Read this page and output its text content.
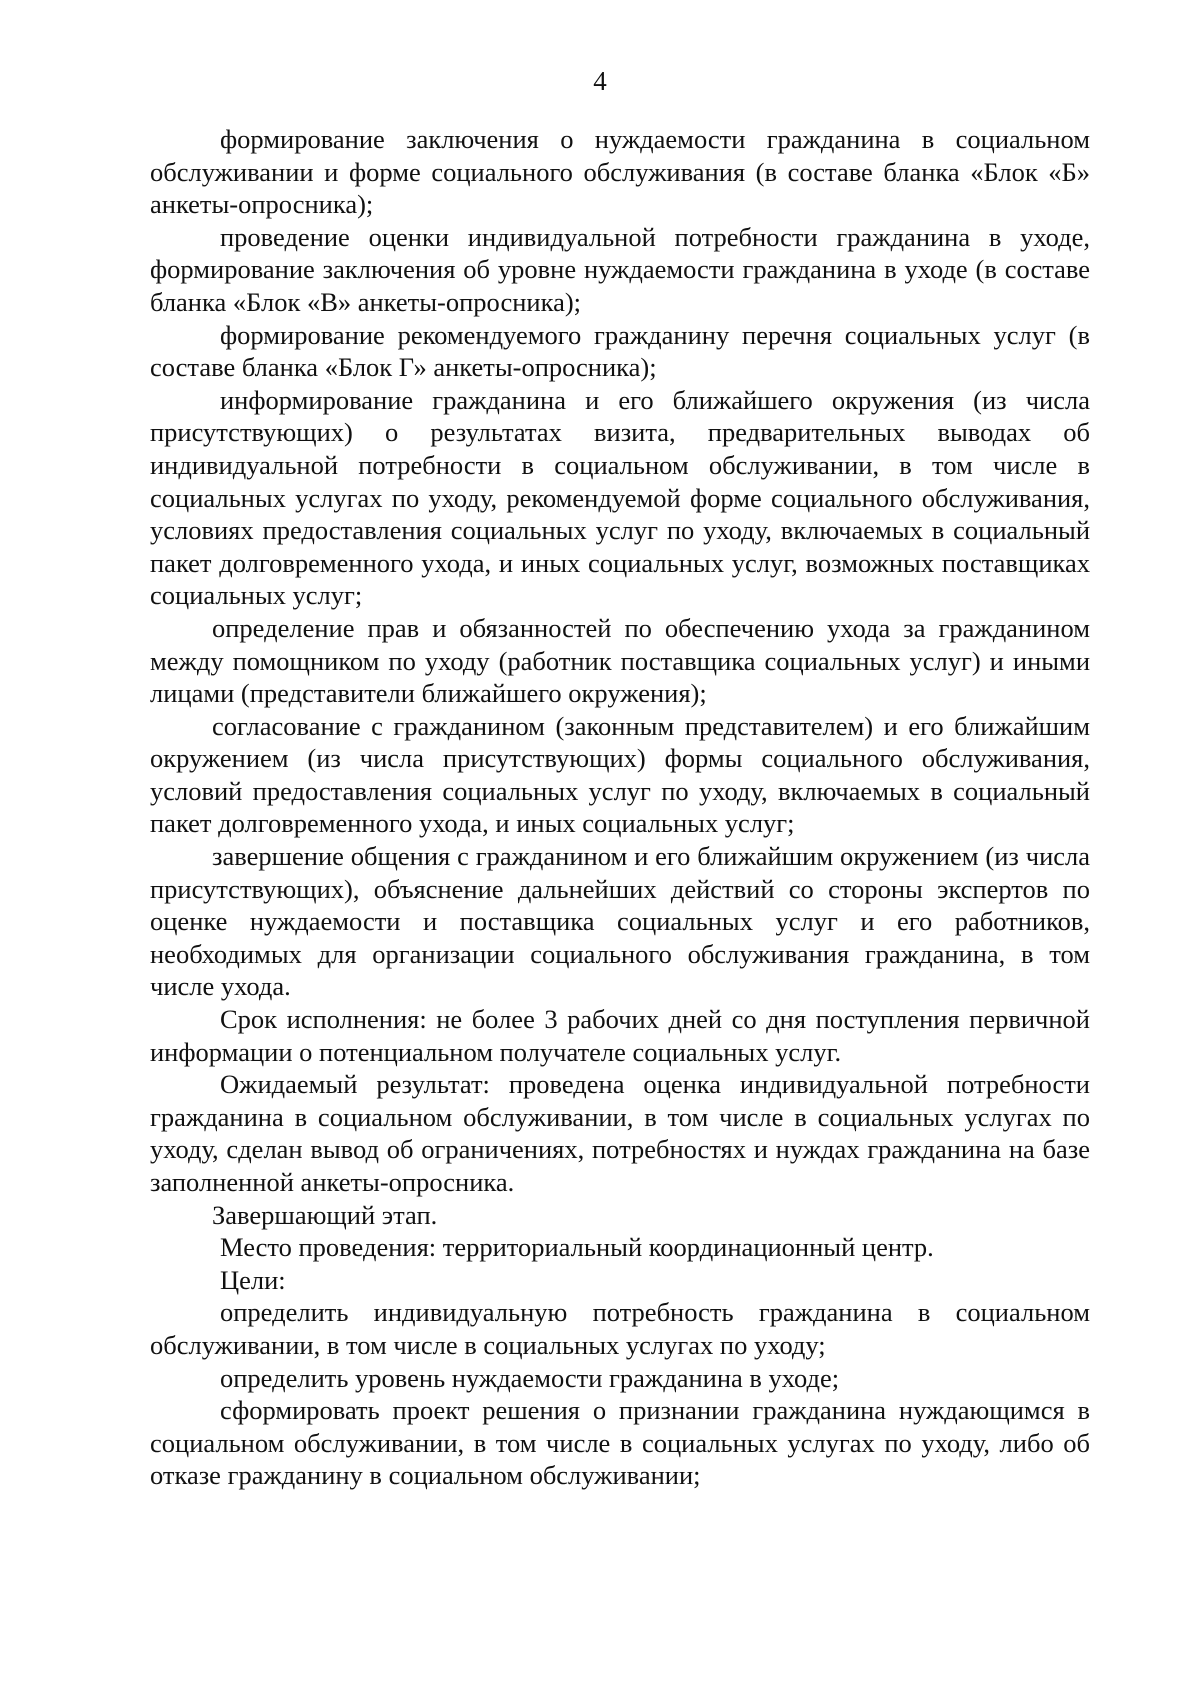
4

формирование заключения о нуждаемости гражданина в социальном обслуживании и форме социального обслуживания (в составе бланка «Блок «Б» анкеты-опросника);

проведение оценки индивидуальной потребности гражданина в уходе, формирование заключения об уровне нуждаемости гражданина в уходе (в составе бланка «Блок «В» анкеты-опросника);

формирование рекомендуемого гражданину перечня социальных услуг (в составе бланка «Блок Г» анкеты-опросника);

информирование гражданина и его ближайшего окружения (из числа присутствующих) о результатах визита, предварительных выводах об индивидуальной потребности в социальном обслуживании, в том числе в социальных услугах по уходу, рекомендуемой форме социального обслуживания, условиях предоставления социальных услуг по уходу, включаемых в социальный пакет долговременного ухода, и иных социальных услуг, возможных поставщиках социальных услуг;

определение прав и обязанностей по обеспечению ухода за гражданином между помощником по уходу (работник поставщика социальных услуг) и иными лицами (представители ближайшего окружения);

согласование с гражданином (законным представителем) и его ближайшим окружением (из числа присутствующих) формы социального обслуживания, условий предоставления социальных услуг по уходу, включаемых в социальный пакет долговременного ухода, и иных социальных услуг;

завершение общения с гражданином и его ближайшим окружением (из числа присутствующих), объяснение дальнейших действий со стороны экспертов по оценке нуждаемости и поставщика социальных услуг и его работников, необходимых для организации социального обслуживания гражданина, в том числе ухода.

Срок исполнения: не более 3 рабочих дней со дня поступления первичной информации о потенциальном получателе социальных услуг.

Ожидаемый результат: проведена оценка индивидуальной потребности гражданина в социальном обслуживании, в том числе в социальных услугах по уходу, сделан вывод об ограничениях, потребностях и нуждах гражданина на базе заполненной анкеты-опросника.

Завершающий этап.

Место проведения: территориальный координационный центр.

Цели:

определить индивидуальную потребность гражданина в социальном обслуживании, в том числе в социальных услугах по уходу;

определить уровень нуждаемости гражданина в уходе;

сформировать проект решения о признании гражданина нуждающимся в социальном обслуживании, в том числе в социальных услугах по уходу, либо об отказе гражданину в социальном обслуживании;
